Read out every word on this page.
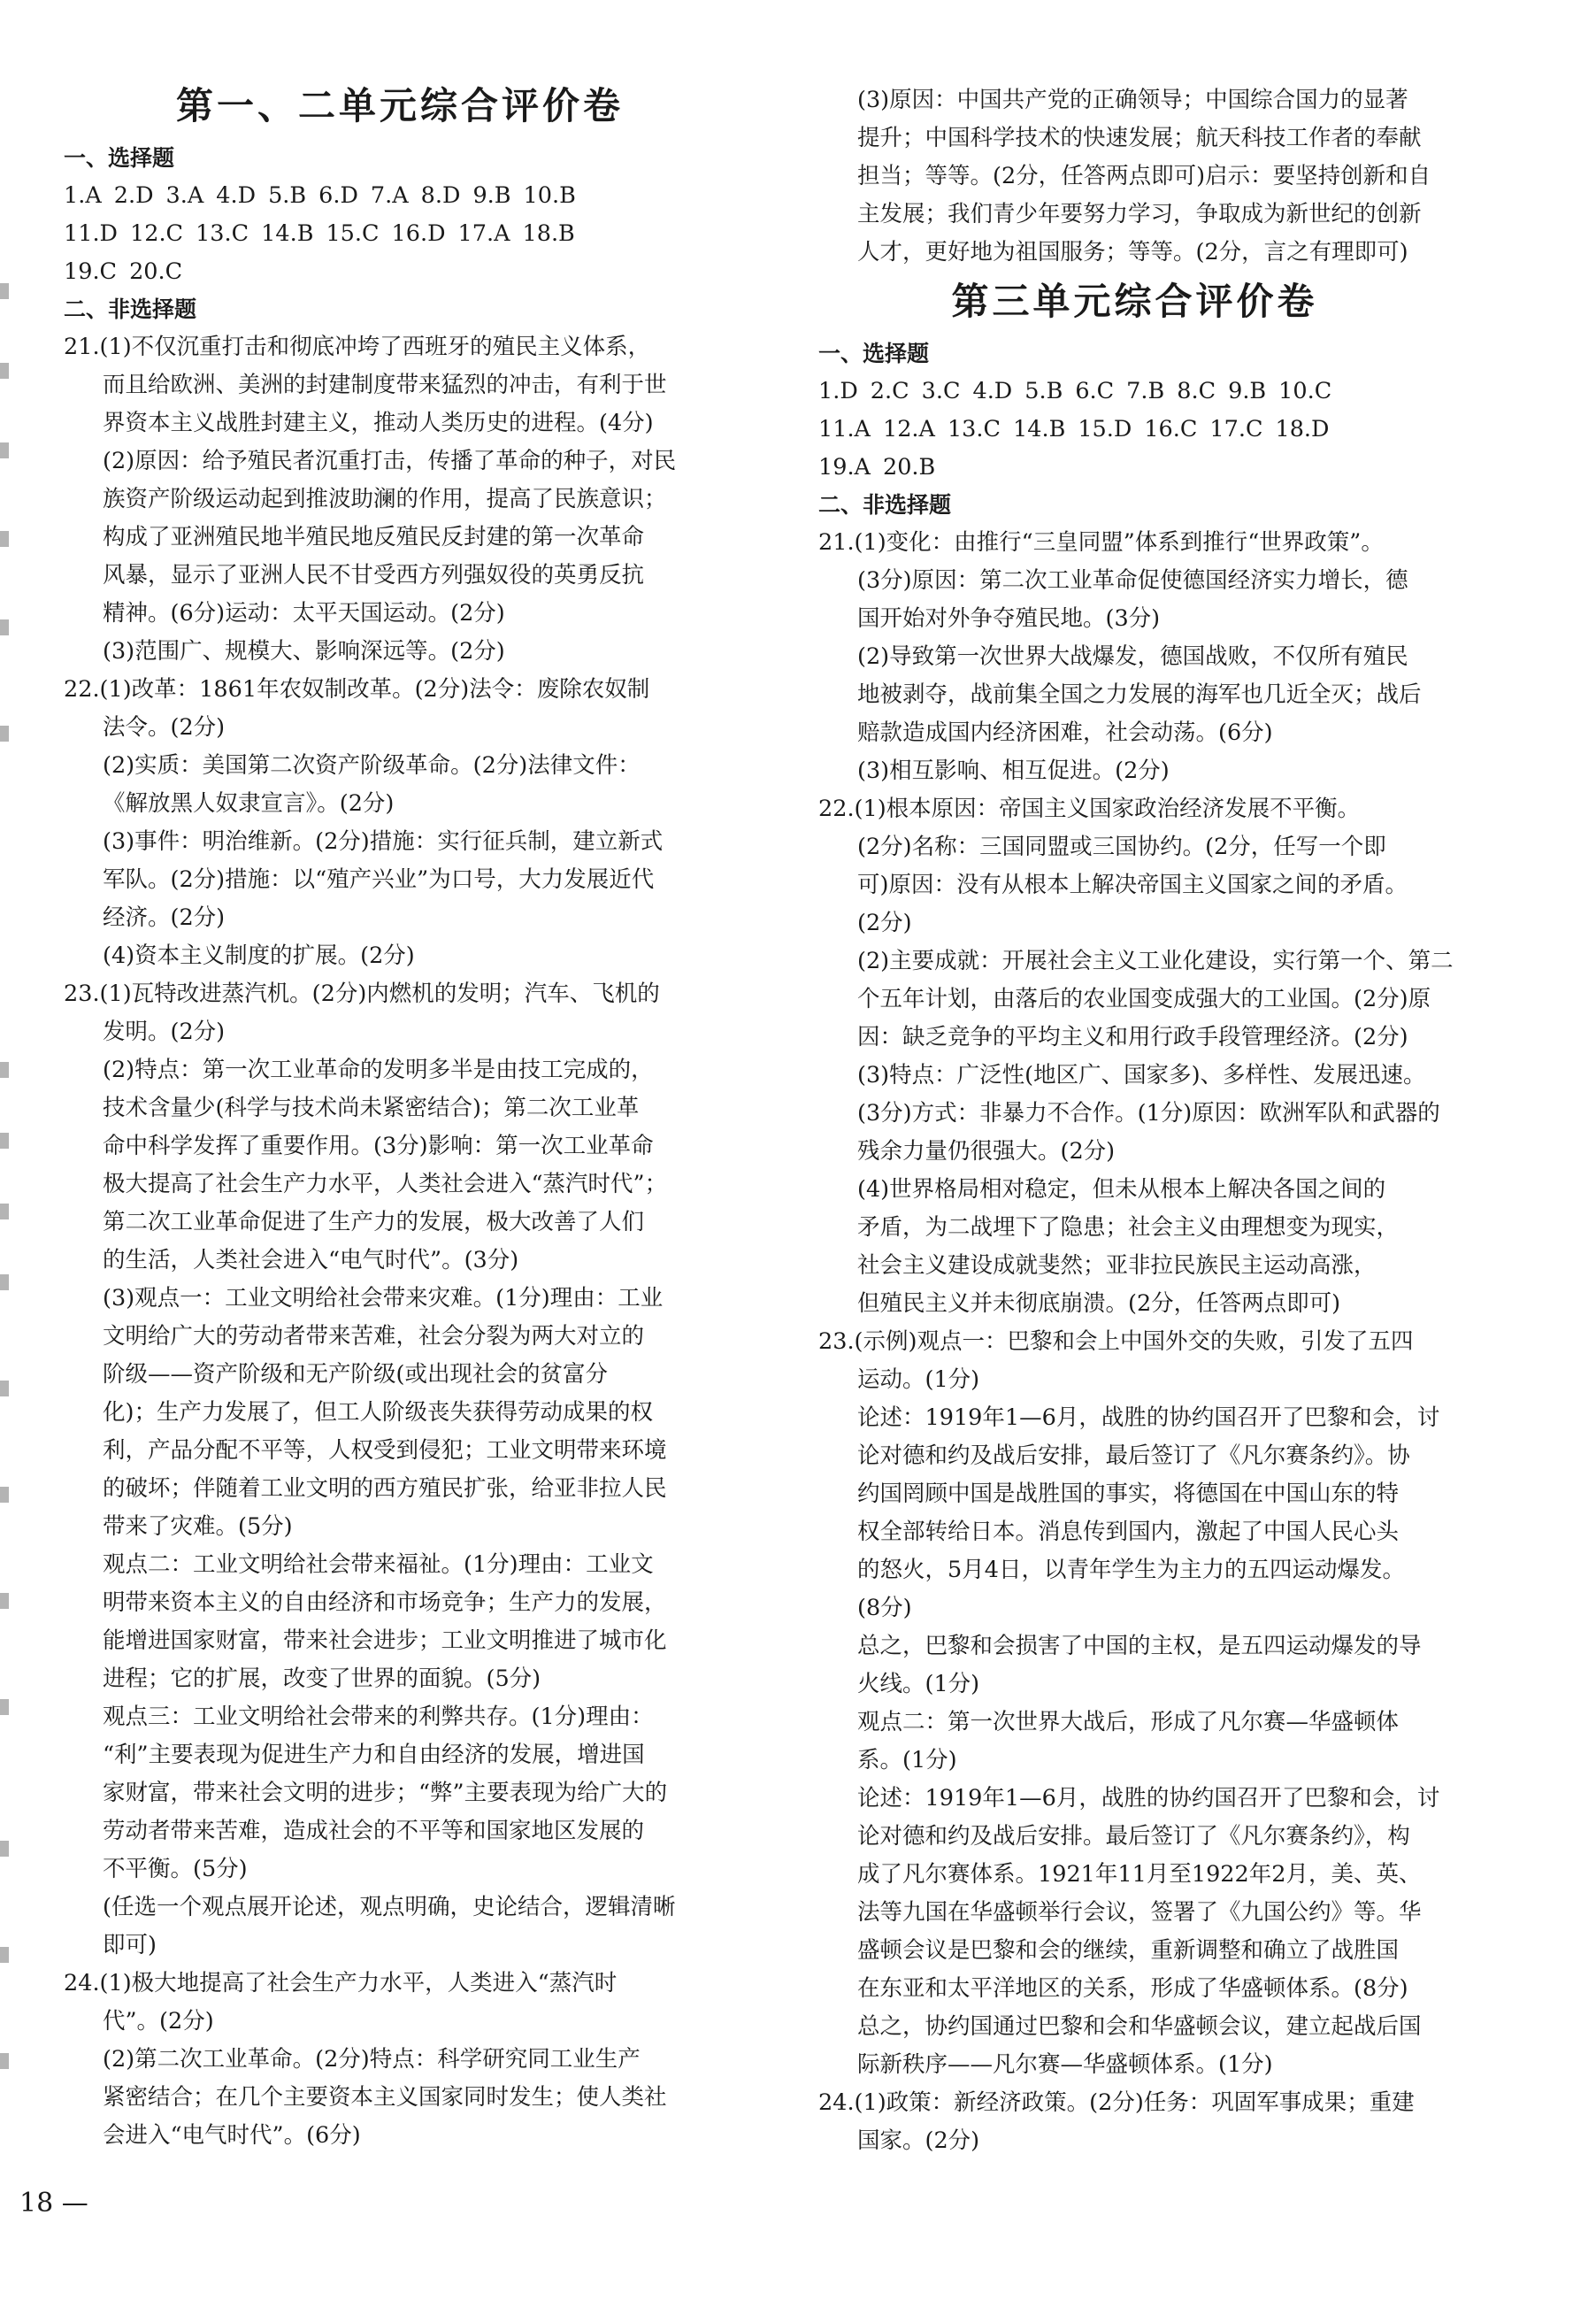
第一、二单元综合评价卷
一、选择题
1.A 2.D 3.A 4.D 5.B 6.D 7.A 8.D 9.B 10.B
11.D 12.C 13.C 14.B 15.C 16.D 17.A 18.B
19.C 20.C
二、非选择题
21.(1)不仅沉重打击和彻底冲垮了西班牙的殖民主义体系，
而且给欧洲、美洲的封建制度带来猛烈的冲击，有利于世
界资本主义战胜封建主义，推动人类历史的进程。(4分)
(2)原因：给予殖民者沉重打击，传播了革命的种子，对民
族资产阶级运动起到推波助澜的作用，提高了民族意识；
构成了亚洲殖民地半殖民地反殖民反封建的第一次革命
风暴，显示了亚洲人民不甘受西方列强奴役的英勇反抗
精神。(6分)运动：太平天国运动。(2分)
(3)范围广、规模大、影响深远等。(2分)
22.(1)改革：1861年农奴制改革。(2分)法令：废除农奴制
法令。(2分)
(2)实质：美国第二次资产阶级革命。(2分)法律文件：
《解放黑人奴隶宣言》。(2分)
(3)事件：明治维新。(2分)措施：实行征兵制，建立新式
军队。(2分)措施：以“殖产兴业”为口号，大力发展近代
经济。(2分)
(4)资本主义制度的扩展。(2分)
23.(1)瓦特改进蒸汽机。(2分)内燃机的发明；汽车、飞机的
发明。(2分)
(2)特点：第一次工业革命的发明多半是由技工完成的，
技术含量少(科学与技术尚未紧密结合)；第二次工业革
命中科学发挥了重要作用。(3分)影响：第一次工业革命
极大提高了社会生产力水平，人类社会进入“蒸汽时代”；
第二次工业革命促进了生产力的发展，极大改善了人们
的生活，人类社会进入“电气时代”。(3分)
(3)观点一：工业文明给社会带来灾难。(1分)理由：工业
文明给广大的劳动者带来苦难，社会分裂为两大对立的
阶级——资产阶级和无产阶级(或出现社会的贫富分
化)；生产力发展了，但工人阶级丧失获得劳动成果的权
利，产品分配不平等，人权受到侵犯；工业文明带来环境
的破坏；伴随着工业文明的西方殖民扩张，给亚非拉人民
带来了灾难。(5分)
观点二：工业文明给社会带来福祉。(1分)理由：工业文
明带来资本主义的自由经济和市场竞争；生产力的发展，
能增进国家财富，带来社会进步；工业文明推进了城市化
进程；它的扩展，改变了世界的面貌。(5分)
观点三：工业文明给社会带来的利弊共存。(1分)理由：
“利”主要表现为促进生产力和自由经济的发展，增进国
家财富，带来社会文明的进步；“弊”主要表现为给广大的
劳动者带来苦难，造成社会的不平等和国家地区发展的
不平衡。(5分)
(任选一个观点展开论述，观点明确，史论结合，逻辑清晰
即可)
24.(1)极大地提高了社会生产力水平，人类进入“蒸汽时
代”。(2分)
(2)第二次工业革命。(2分)特点：科学研究同工业生产
紧密结合；在几个主要资本主义国家同时发生；使人类社
会进入“电气时代”。(6分)
(3)原因：中国共产党的正确领导；中国综合国力的显著
提升；中国科学技术的快速发展；航天科技工作者的奉献
担当；等等。(2分，任答两点即可)启示：要坚持创新和自
主发展；我们青少年要努力学习，争取成为新世纪的创新
人才，更好地为祖国服务；等等。(2分，言之有理即可)
第三单元综合评价卷
一、选择题
1.D 2.C 3.C 4.D 5.B 6.C 7.B 8.C 9.B 10.C
11.A 12.A 13.C 14.B 15.D 16.C 17.C 18.D
19.A 20.B
二、非选择题
21.(1)变化：由推行“三皇同盟”体系到推行“世界政策”。
(3分)原因：第二次工业革命促使德国经济实力增长，德
国开始对外争夺殖民地。(3分)
(2)导致第一次世界大战爆发，德国战败，不仅所有殖民
地被剥夺，战前集全国之力发展的海军也几近全灭；战后
赔款造成国内经济困难，社会动荡。(6分)
(3)相互影响、相互促进。(2分)
22.(1)根本原因：帝国主义国家政治经济发展不平衡。
(2分)名称：三国同盟或三国协约。(2分，任写一个即
可)原因：没有从根本上解决帝国主义国家之间的矛盾。
(2分)
(2)主要成就：开展社会主义工业化建设，实行第一个、第二
个五年计划，由落后的农业国变成强大的工业国。(2分)原
因：缺乏竞争的平均主义和用行政手段管理经济。(2分)
(3)特点：广泛性(地区广、国家多)、多样性、发展迅速。
(3分)方式：非暴力不合作。(1分)原因：欧洲军队和武器的
残余力量仍很强大。(2分)
(4)世界格局相对稳定，但未从根本上解决各国之间的
矛盾，为二战埋下了隐患；社会主义由理想变为现实，
社会主义建设成就斐然；亚非拉民族民主运动高涨，
但殖民主义并未彻底崩溃。(2分，任答两点即可)
23.(示例)观点一：巴黎和会上中国外交的失败，引发了五四
运动。(1分)
论述：1919年1—6月，战胜的协约国召开了巴黎和会，讨
论对德和约及战后安排，最后签订了《凡尔赛条约》。协
约国罔顾中国是战胜国的事实，将德国在中国山东的特
权全部转给日本。消息传到国内，激起了中国人民心头
的怒火，5月4日，以青年学生为主力的五四运动爆发。
(8分)
总之，巴黎和会损害了中国的主权，是五四运动爆发的导
火线。(1分)
观点二：第一次世界大战后，形成了凡尔赛—华盛顿体
系。(1分)
论述：1919年1—6月，战胜的协约国召开了巴黎和会，讨
论对德和约及战后安排。最后签订了《凡尔赛条约》，构
成了凡尔赛体系。1921年11月至1922年2月，美、英、
法等九国在华盛顿举行会议，签署了《九国公约》等。华
盛顿会议是巴黎和会的继续，重新调整和确立了战胜国
在东亚和太平洋地区的关系，形成了华盛顿体系。(8分)
总之，协约国通过巴黎和会和华盛顿会议，建立起战后国
际新秩序——凡尔赛—华盛顿体系。(1分)
24.(1)政策：新经济政策。(2分)任务：巩固军事成果；重建
国家。(2分)
18 —
